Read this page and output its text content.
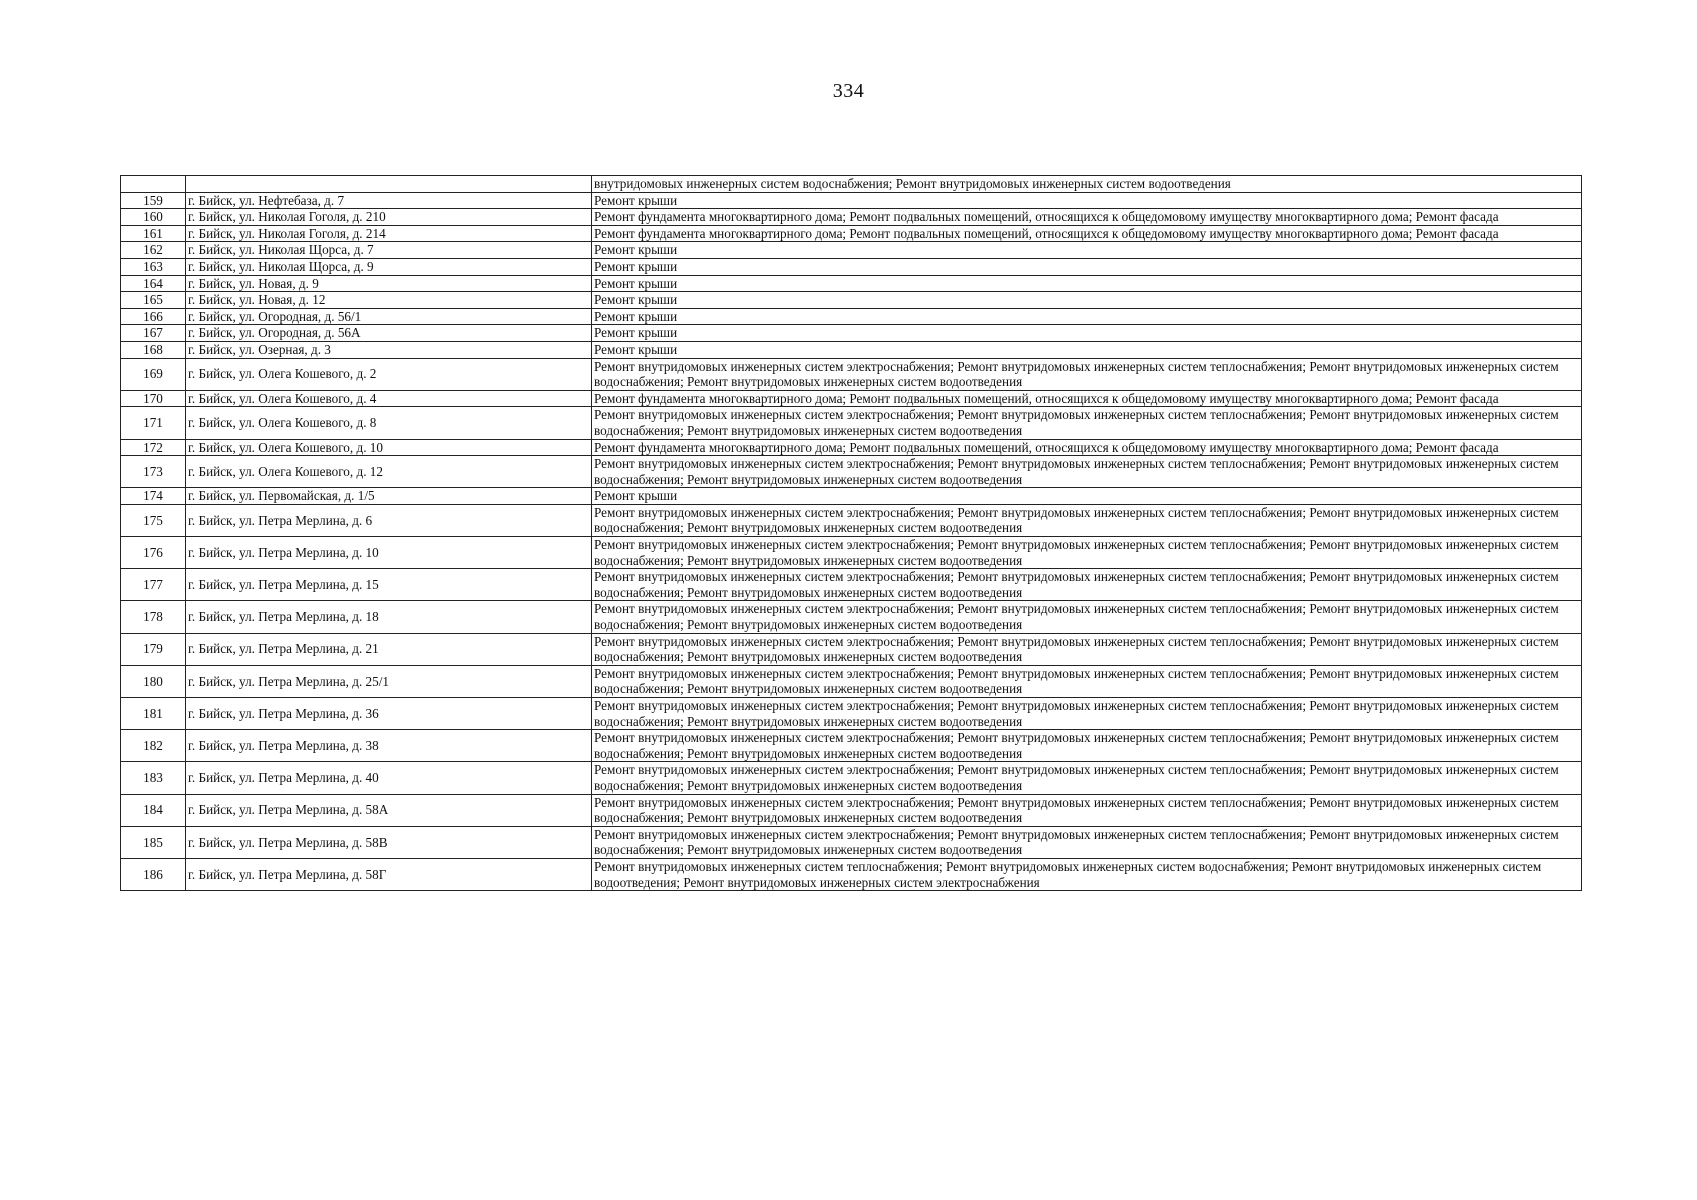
334
		внутридомовых инженерных систем водоснабжения; Ремонт внутридомовых инженерных систем водоотведения
159	г. Бийск, ул. Нефтебаза, д. 7	Ремонт крыши
160	г. Бийск, ул. Николая Гоголя, д. 210	Ремонт фундамента многоквартирного дома; Ремонт подвальных помещений, относящихся к общедомовому имуществу многоквартирного дома; Ремонт фасада
161	г. Бийск, ул. Николая Гоголя, д. 214	Ремонт фундамента многоквартирного дома; Ремонт подвальных помещений, относящихся к общедомовому имуществу многоквартирного дома; Ремонт фасада
162	г. Бийск, ул. Николая Щорса, д. 7	Ремонт крыши
163	г. Бийск, ул. Николая Щорса, д. 9	Ремонт крыши
164	г. Бийск, ул. Новая, д. 9	Ремонт крыши
165	г. Бийск, ул. Новая, д. 12	Ремонт крыши
166	г. Бийск, ул. Огородная, д. 56/1	Ремонт крыши
167	г. Бийск, ул. Огородная, д. 56А	Ремонт крыши
168	г. Бийск, ул. Озерная, д. 3	Ремонт крыши
169	г. Бийск, ул. Олега Кошевого, д. 2	Ремонт внутридомовых инженерных систем электроснабжения; Ремонт внутридомовых инженерных систем теплоснабжения; Ремонт внутридомовых инженерных систем водоснабжения; Ремонт внутридомовых инженерных систем водоотведения
170	г. Бийск, ул. Олега Кошевого, д. 4	Ремонт фундамента многоквартирного дома; Ремонт подвальных помещений, относящихся к общедомовому имуществу многоквартирного дома; Ремонт фасада
171	г. Бийск, ул. Олега Кошевого, д. 8	Ремонт внутридомовых инженерных систем электроснабжения; Ремонт внутридомовых инженерных систем теплоснабжения; Ремонт внутридомовых инженерных систем водоснабжения; Ремонт внутридомовых инженерных систем водоотведения
172	г. Бийск, ул. Олега Кошевого, д. 10	Ремонт фундамента многоквартирного дома; Ремонт подвальных помещений, относящихся к общедомовому имуществу многоквартирного дома; Ремонт фасада
173	г. Бийск, ул. Олега Кошевого, д. 12	Ремонт внутридомовых инженерных систем электроснабжения; Ремонт внутридомовых инженерных систем теплоснабжения; Ремонт внутридомовых инженерных систем водоснабжения; Ремонт внутридомовых инженерных систем водоотведения
174	г. Бийск, ул. Первомайская, д. 1/5	Ремонт крыши
175	г. Бийск, ул. Петра Мерлина, д. 6	Ремонт внутридомовых инженерных систем электроснабжения; Ремонт внутридомовых инженерных систем теплоснабжения; Ремонт внутридомовых инженерных систем водоснабжения; Ремонт внутридомовых инженерных систем водоотведения
176	г. Бийск, ул. Петра Мерлина, д. 10	Ремонт внутридомовых инженерных систем электроснабжения; Ремонт внутридомовых инженерных систем теплоснабжения; Ремонт внутридомовых инженерных систем водоснабжения; Ремонт внутридомовых инженерных систем водоотведения
177	г. Бийск, ул. Петра Мерлина, д. 15	Ремонт внутридомовых инженерных систем электроснабжения; Ремонт внутридомовых инженерных систем теплоснабжения; Ремонт внутридомовых инженерных систем водоснабжения; Ремонт внутридомовых инженерных систем водоотведения
178	г. Бийск, ул. Петра Мерлина, д. 18	Ремонт внутридомовых инженерных систем электроснабжения; Ремонт внутридомовых инженерных систем теплоснабжения; Ремонт внутридомовых инженерных систем водоснабжения; Ремонт внутридомовых инженерных систем водоотведения
179	г. Бийск, ул. Петра Мерлина, д. 21	Ремонт внутридомовых инженерных систем электроснабжения; Ремонт внутридомовых инженерных систем теплоснабжения; Ремонт внутридомовых инженерных систем водоснабжения; Ремонт внутридомовых инженерных систем водоотведения
180	г. Бийск, ул. Петра Мерлина, д. 25/1	Ремонт внутридомовых инженерных систем электроснабжения; Ремонт внутридомовых инженерных систем теплоснабжения; Ремонт внутридомовых инженерных систем водоснабжения; Ремонт внутридомовых инженерных систем водоотведения
181	г. Бийск, ул. Петра Мерлина, д. 36	Ремонт внутридомовых инженерных систем электроснабжения; Ремонт внутридомовых инженерных систем теплоснабжения; Ремонт внутридомовых инженерных систем водоснабжения; Ремонт внутридомовых инженерных систем водоотведения
182	г. Бийск, ул. Петра Мерлина, д. 38	Ремонт внутридомовых инженерных систем электроснабжения; Ремонт внутридомовых инженерных систем теплоснабжения; Ремонт внутридомовых инженерных систем водоснабжения; Ремонт внутридомовых инженерных систем водоотведения
183	г. Бийск, ул. Петра Мерлина, д. 40	Ремонт внутридомовых инженерных систем электроснабжения; Ремонт внутридомовых инженерных систем теплоснабжения; Ремонт внутридомовых инженерных систем водоснабжения; Ремонт внутридомовых инженерных систем водоотведения
184	г. Бийск, ул. Петра Мерлина, д. 58А	Ремонт внутридомовых инженерных систем электроснабжения; Ремонт внутридомовых инженерных систем теплоснабжения; Ремонт внутридомовых инженерных систем водоснабжения; Ремонт внутридомовых инженерных систем водоотведения
185	г. Бийск, ул. Петра Мерлина, д. 58В	Ремонт внутридомовых инженерных систем электроснабжения; Ремонт внутридомовых инженерных систем теплоснабжения; Ремонт внутридомовых инженерных систем водоснабжения; Ремонт внутридомовых инженерных систем водоотведения
186	г. Бийск, ул. Петра Мерлина, д. 58Г	Ремонт внутридомовых инженерных систем теплоснабжения; Ремонт внутридомовых инженерных систем водоснабжения; Ремонт внутридомовых инженерных систем водоотведения; Ремонт внутридомовых инженерных систем электроснабжения
